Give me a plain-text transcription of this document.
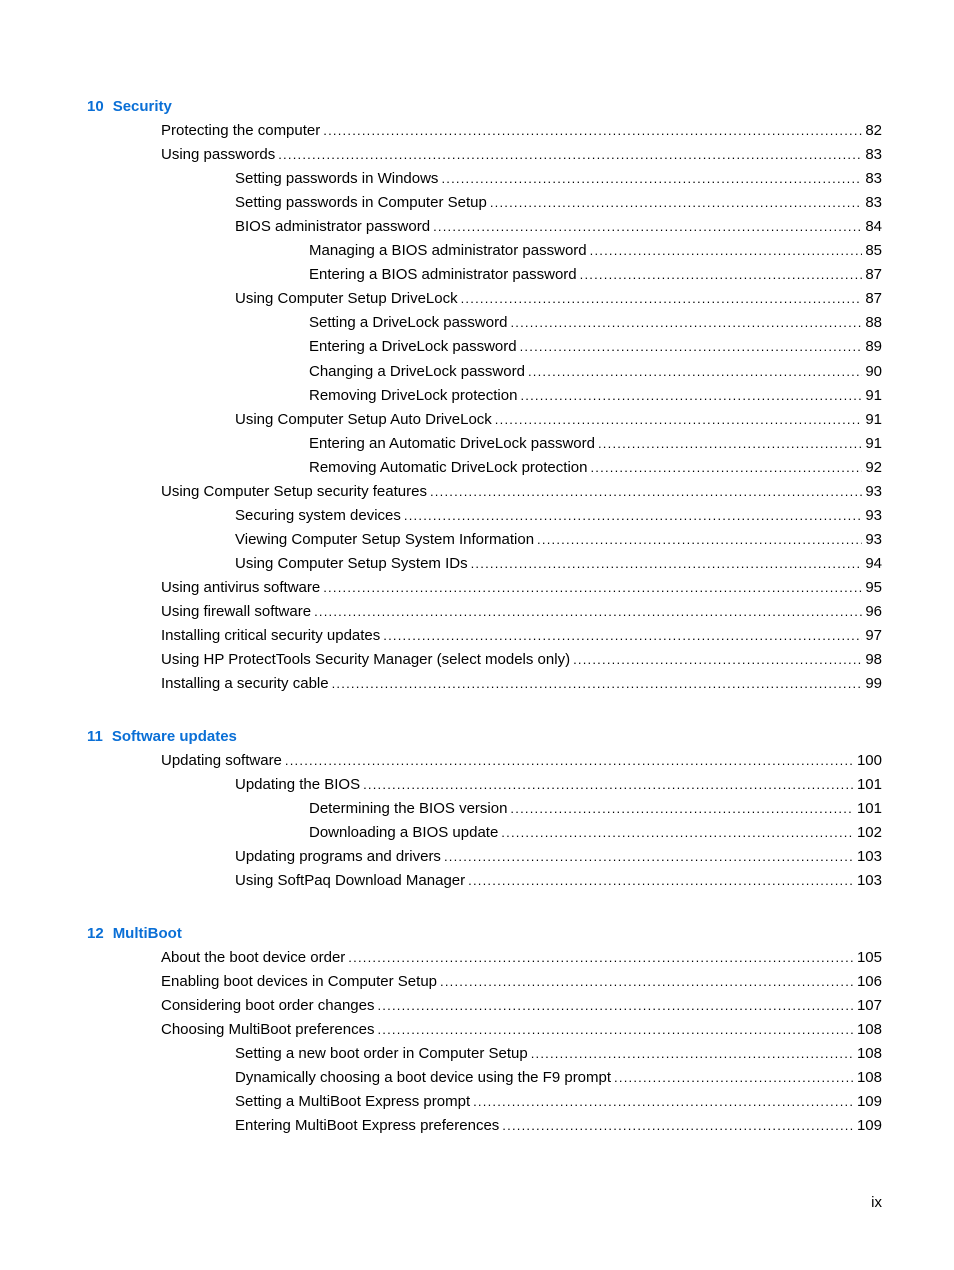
10 Security
Protecting the computer . . .	82
Using passwords . . .	83
Setting passwords in Windows . . .	83
Setting passwords in Computer Setup . . .	83
BIOS administrator password . . .	84
Managing a BIOS administrator password . . .	85
Entering a BIOS administrator password . . .	87
Using Computer Setup DriveLock . . .	87
Setting a DriveLock password . . .	88
Entering a DriveLock password . . .	89
Changing a DriveLock password . . .	90
Removing DriveLock protection . . .	91
Using Computer Setup Auto DriveLock . . .	91
Entering an Automatic DriveLock password . . .	91
Removing Automatic DriveLock protection . . .	92
Using Computer Setup security features . . .	93
Securing system devices . . .	93
Viewing Computer Setup System Information . . .	93
Using Computer Setup System IDs . . .	94
Using antivirus software . . .	95
Using firewall software . . .	96
Installing critical security updates . . .	97
Using HP ProtectTools Security Manager (select models only) . . .	98
Installing a security cable . . .	99
11 Software updates
Updating software . . .	100
Updating the BIOS . . .	101
Determining the BIOS version . . .	101
Downloading a BIOS update . . .	102
Updating programs and drivers . . .	103
Using SoftPaq Download Manager . . .	103
12 MultiBoot
About the boot device order . . .	105
Enabling boot devices in Computer Setup . . .	106
Considering boot order changes . . .	107
Choosing MultiBoot preferences . . .	108
Setting a new boot order in Computer Setup . . .	108
Dynamically choosing a boot device using the F9 prompt . . .	108
Setting a MultiBoot Express prompt . . .	109
Entering MultiBoot Express preferences . . .	109
ix
